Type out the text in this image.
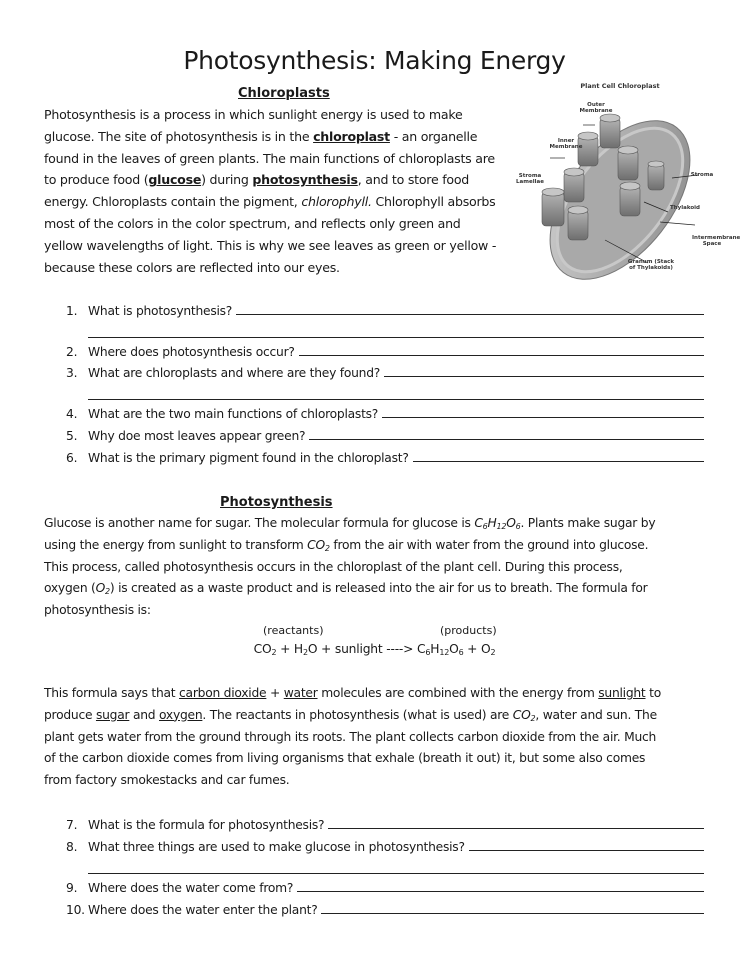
Photosynthesis: Making Energy
Chloroplasts
Photosynthesis is a process in which sunlight energy is used to make
glucose. The site of photosynthesis is in the chloroplast - an organelle
found in the leaves of green plants. The main functions of chloroplasts are
to produce food (glucose) during photosynthesis, and to store food
energy. Chloroplasts contain the pigment, chlorophyll. Chlorophyll absorbs
most of the colors in the color spectrum, and reflects only green and
yellow wavelengths of light. This is why we see leaves as green or yellow -
because these colors are reflected into our eyes.
Plant Cell Chloroplast
Outer Membrane
Inner Membrane
Stroma Lamellae
Stroma
Thylakoid
Intermembrane Space
Granum (Stack of Thylakoids)
1. What is photosynthesis?
2. Where does photosynthesis occur?
3. What are chloroplasts and where are they found?
4. What are the two main functions of chloroplasts?
5. Why doe most leaves appear green?
6. What is the primary pigment found in the chloroplast?
Photosynthesis
Glucose is another name for sugar. The molecular formula for glucose is $C_6H_{12}O_6$. Plants make sugar by
using the energy from sunlight to transform $CO_2$ from the air with water from the ground into glucose.
This process, called photosynthesis occurs in the chloroplast of the plant cell. During this process,
oxygen $(O_2)$ is created as a waste product and is released into the air for us to breath. The formula for
photosynthesis is:
(reactants)	(products)
$CO_2 + H_2O$ + sunlight ----> $C_6H_{12}O_6 + O_2$
This formula says that carbon dioxide + water molecules are combined with the energy from sunlight to
produce sugar and oxygen. The reactants in photosynthesis (what is used) are $CO_2$, water and sun. The
plant gets water from the ground through its roots. The plant collects carbon dioxide from the air. Much
of the carbon dioxide comes from living organisms that exhale (breath it out) it, but some also comes
from factory smokestacks and car fumes.
7. What is the formula for photosynthesis?
8. What three things are used to make glucose in photosynthesis?
9. Where does the water come from?
10. Where does the water enter the plant?
